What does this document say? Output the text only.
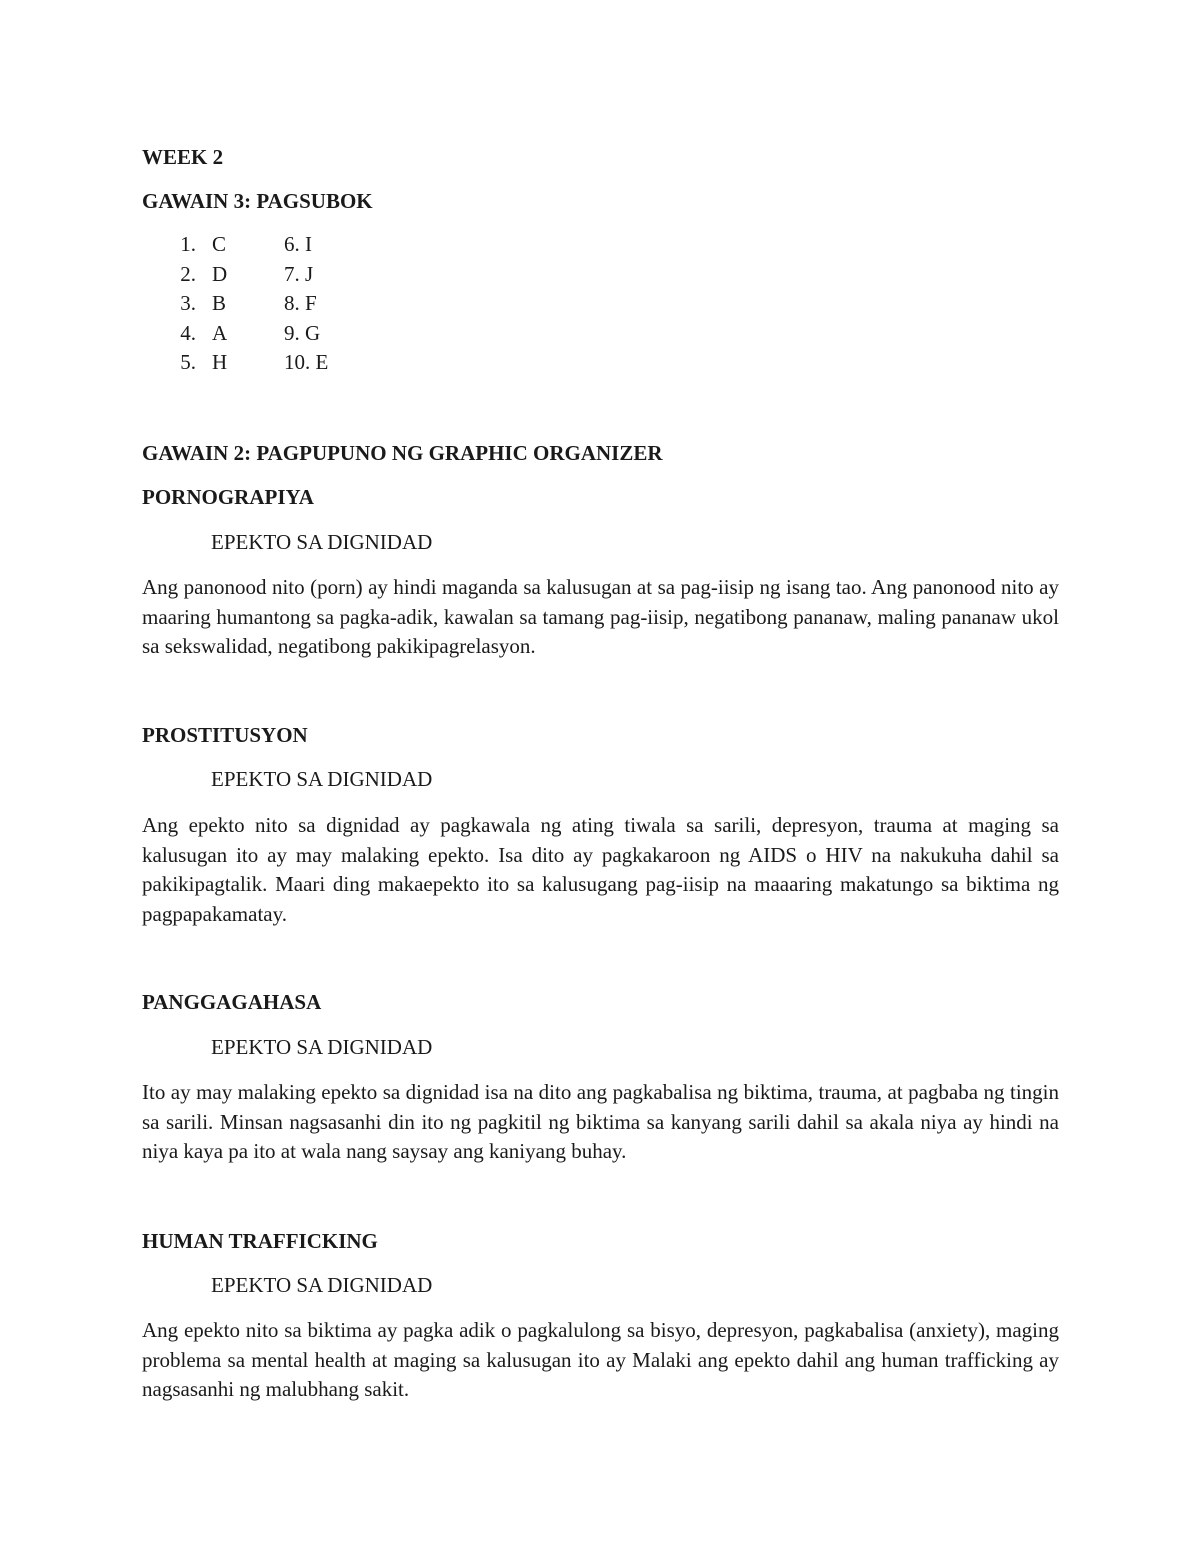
WEEK 2
GAWAIN 3: PAGSUBOK
1. C	6. I
2. D	7. J
3. B	8. F
4. A	9. G
5. H	10. E
GAWAIN 2: PAGPUPUNO NG GRAPHIC ORGANIZER
PORNOGRAPIYA
EPEKTO SA DIGNIDAD
Ang panonood nito (porn) ay hindi maganda sa kalusugan at sa pag-iisip ng isang tao. Ang panonood nito ay maaring humantong sa pagka-adik, kawalan sa tamang pag-iisip, negatibong pananaw, maling pananaw ukol sa sekswalidad, negatibong pakikipagrelasyon.
PROSTITUSYON
EPEKTO SA DIGNIDAD
Ang epekto nito sa dignidad ay pagkawala ng ating tiwala sa sarili, depresyon, trauma at maging sa kalusugan ito ay may malaking epekto. Isa dito ay pagkakaroon ng AIDS o HIV na nakukuha dahil sa pakikipagtalik. Maari ding makaepekto ito sa kalusugang pag-iisip na maaaring makatungo sa biktima ng pagpapakamatay.
PANGGAGAHASA
EPEKTO SA DIGNIDAD
Ito ay may malaking epekto sa dignidad isa na dito ang pagkabalisa ng biktima, trauma, at pagbaba ng tingin sa sarili. Minsan nagsasanhi din ito ng pagkitil ng biktima sa kanyang sarili dahil sa akala niya ay hindi na niya kaya pa ito at wala nang saysay ang kaniyang buhay.
HUMAN TRAFFICKING
EPEKTO SA DIGNIDAD
Ang epekto nito sa biktima ay pagka adik o pagkalulong sa bisyo, depresyon, pagkabalisa (anxiety), maging problema sa mental health at maging sa kalusugan ito ay Malaki ang epekto dahil ang human trafficking ay nagsasanhi ng malubhang sakit.
